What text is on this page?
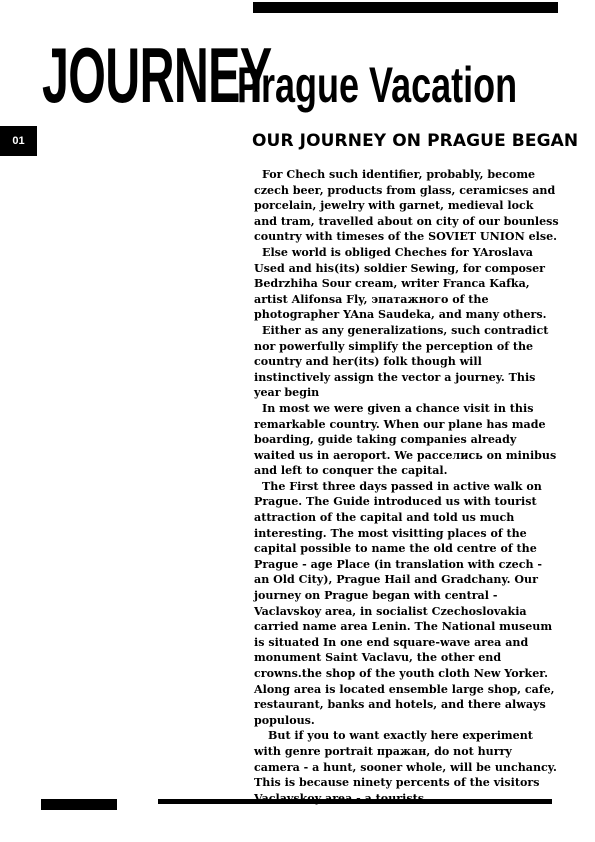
JOURNEYPrague Vacation
01	OUR JOURNEY ON PRAGUE BEGAN

For Chech such identifier, probably, become czech beer, products from glass, ceramicses and porcelain, jewelry with garnet, medieval lock and tram, travelled about on city of our bounless country with timeses of the SOVIET UNION else.

Else world is obliged Cheches for YAroslava Used and his(its) soldier Sewing, for composer Bedrzhiha Sour cream, writer Franca Kafka, artist Alifonsa Fly, эпатажного of the photographer YAna Saudeka, and many others.

Either as any generalizations, such contradict nor powerfully simplify the perception of the country and her(its) folk though will instinctively assign the vector a journey. This year begin

In most we were given a chance visit in this remarkable country. When our plane has made boarding, guide taking companies already waited us in aeroport. We расселись on minibus and left to conquer the capital.

The First three days passed in active walk on Prague. The Guide introduced us with tourist attraction of the capital and told us much interesting. The most visitting places of the capital possible to name the old centre of the Prague - age Place (in translation with czech - an Old City), Prague Hail and Gradchany. Our journey on Prague began with central - Vaclavskoy area, in socialist Czechoslovakia carried name area Lenin. The National museum is situated In one end square-wave area and monument Saint Vaclavu, the other end crowns.the shop of the youth cloth New Yorker. Along area is located ensemble large shop, cafe, restaurant, banks and hotels, and there always populous.

But if you to want exactly here experiment with genre portrait пражан, do not hurry camera - a hunt, sooner whole, will be unchancy. This is because ninety percents of the visitors
